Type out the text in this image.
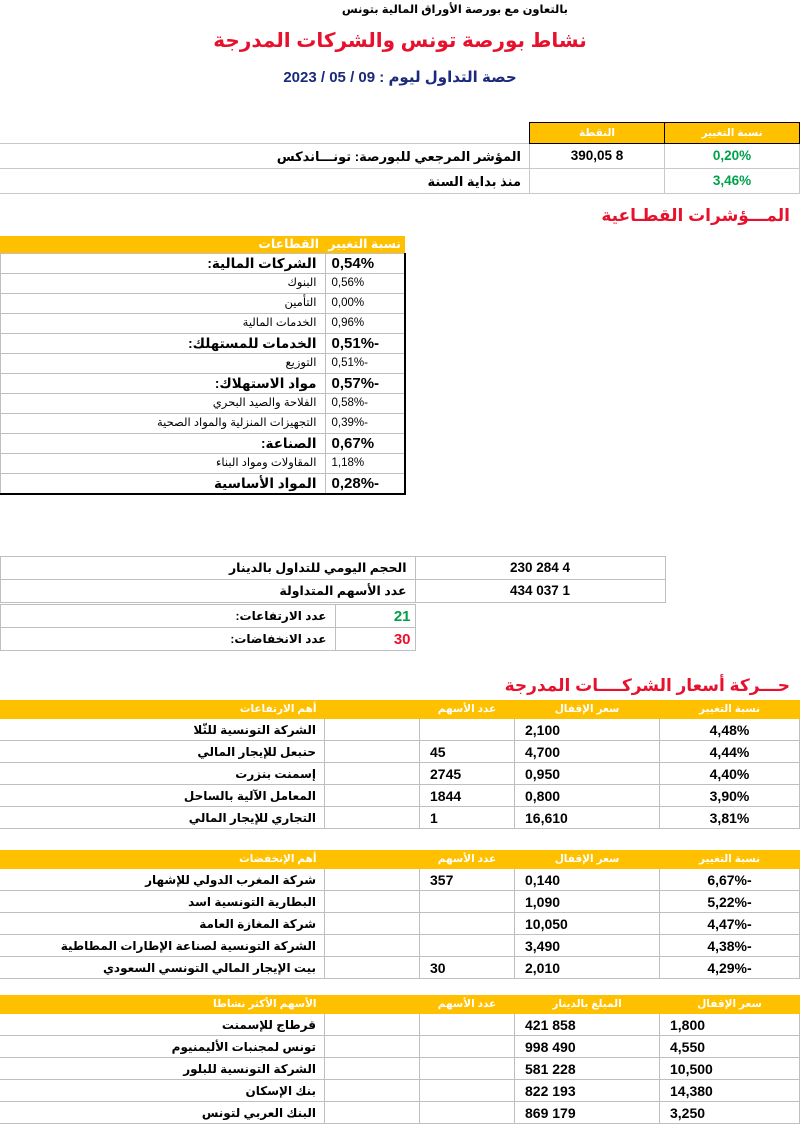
بالتعاون مع بورصة الأوراق المالية بتونس
نشاط بورصة تونس والشركات المدرجة
حصة التداول ليوم : 09 / 05 / 2023
نسبة التغيير	النقطة		
0,20%	8 390,05	المؤشر المرجعي للبورصة: تونـــاندكس	
3,46%		منذ بداية السنة	
المـــؤشرات القطـاعية
	نسبة التغيير	القطاعات
	0,54%	الشركات المالية:
	0,56%	البنوك
	0,00%	التأمين
	0,96%	الخدمات المالية
	-0,51%	الخدمات للمستهلك:
	-0,51%	التوزيع
	-0,57%	مواد الاستهلاك:
	-0,58%	الفلاحة والصيد البحري
	-0,39%	التجهيزات المنزلية والمواد الصحية
	0,67%	الصناعة:
	1,18%	المقاولات ومواد البناء
	-0,28%	المواد الأساسية
	4 284 230	الحجم اليومي للتداول بالدينار
	1 037 434	عدد الأسهم المتداولة
	21	عدد الارتفاعات:
	30	عدد الانخفاضات:
حـــركة أسعار الشركــــات المدرجة
نسبة التغيير	سعر الإقفال	عدد الأسهم		أهم الارتفاعات
4,48%	2,100			الشركة التونسية للثّلا
4,44%	4,700	45		حنبعل للإيجار المالي
4,40%	0,950	2745		إسمنت بنزرت
3,90%	0,800	1844		المعامل الآلية بالساحل
3,81%	16,610	1		التجاري للإيجار المالي
نسبة التغيير	سعر الإقفال	عدد الأسهم		أهم الإنخفضات
-6,67%	0,140	357		شركة المغرب الدولي للإشهار
-5,22%	1,090			البطارية التونسية اسد
-4,47%	10,050			شركة المغازة العامة
-4,38%	3,490			الشركة التونسية لصناعة الإطارات المطاطية
-4,29%	2,010	30		بيت الإيجار المالي التونسي السعودي
سعر الإقفال	المبلغ بالدينار	عدد الأسهم		الأسهم الأكثر نشاطا
1,800	858 421			قرطاج للإسمنت
4,550	490 998			تونس لمجنبات الأليمنيوم
10,500	228 581			الشركة التونسية للبلور
14,380	193 822			بنك الإسكان
3,250	179 869			البنك العربي لتونس
